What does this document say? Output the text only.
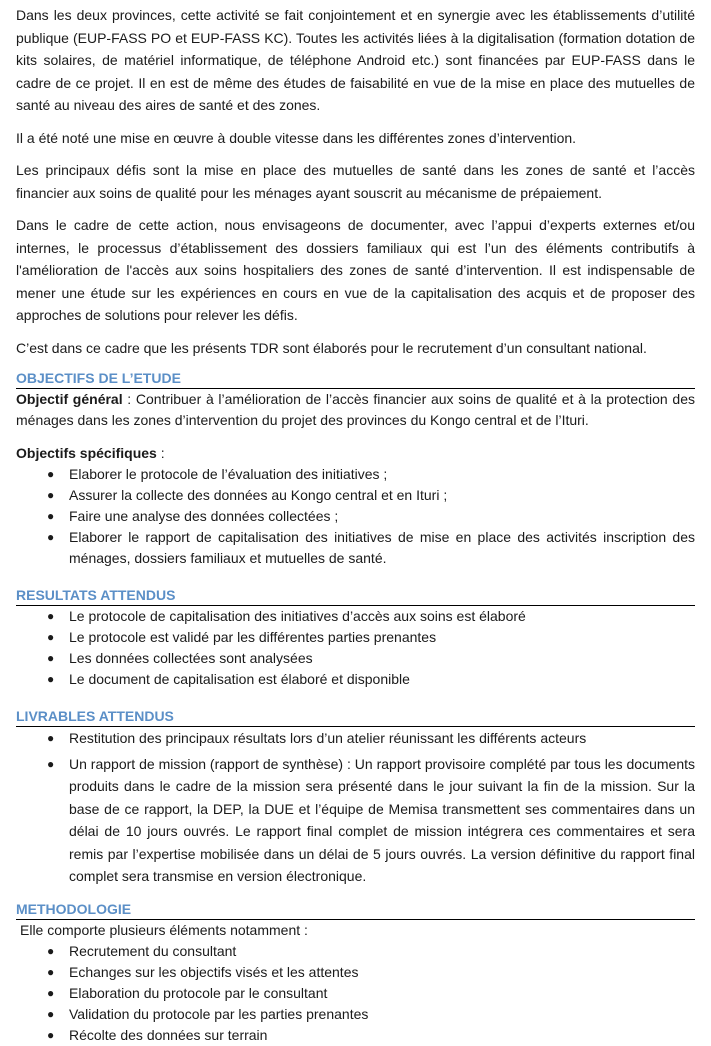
Dans les deux provinces, cette activité se fait conjointement et en synergie avec les établissements d’utilité publique (EUP-FASS PO et EUP-FASS KC). Toutes les activités liées à la digitalisation (formation dotation de kits solaires, de matériel informatique, de téléphone Android etc.) sont financées par EUP-FASS dans le cadre de ce projet. Il en est de même des études de faisabilité en vue de la mise en place des mutuelles de santé au niveau des aires de santé et des zones.

Il a été noté une mise en œuvre à double vitesse dans les différentes zones d’intervention.

Les principaux défis sont la mise en place des mutuelles de santé dans les zones de santé et l’accès financier aux soins de qualité pour les ménages ayant souscrit au mécanisme de prépaiement.

Dans le cadre de cette action, nous envisageons de documenter, avec l’appui d’experts externes et/ou internes, le processus d’établissement des dossiers familiaux qui est l’un des éléments contributifs à l'amélioration de l'accès aux soins hospitaliers des zones de santé d’intervention. Il est indispensable de mener une étude sur les expériences en cours en vue de la capitalisation des acquis et de proposer des approches de solutions pour relever les défis.

C’est dans ce cadre que les présents TDR sont élaborés pour le recrutement d’un consultant national.

OBJECTIFS DE L’ETUDE

Objectif général : Contribuer à l’amélioration de l’accès financier aux soins de qualité et à la protection des ménages dans les zones d’intervention du projet des provinces du Kongo central et de l’Ituri.

Objectifs spécifiques :

● Elaborer le protocole de l’évaluation des initiatives ;
● Assurer la collecte des données au Kongo central et en Ituri ;
● Faire une analyse des données collectées ;
● Elaborer le rapport de capitalisation des initiatives de mise en place des activités inscription des ménages, dossiers familiaux et mutuelles de santé.
RESULTATS ATTENDUS
● Le protocole de capitalisation des initiatives d’accès aux soins est élaboré
● Le protocole est validé par les différentes parties prenantes
● Les données collectées sont analysées
● Le document de capitalisation est élaboré et disponible
LIVRABLES ATTENDUS
● Restitution des principaux résultats lors d’un atelier réunissant les différents acteurs
● Un rapport de mission (rapport de synthèse) : Un rapport provisoire complété par tous les documents produits dans le cadre de la mission sera présenté dans le jour suivant la fin de la mission. Sur la base de ce rapport, la DEP, la DUE et l’équipe de Memisa transmettent ses commentaires dans un délai de 10 jours ouvrés. Le rapport final complet de mission intégrera ces commentaires et sera remis par l’expertise mobilisée dans un délai de 5 jours ouvrés. La version définitive du rapport final complet sera transmise en version électronique.
METHODOLOGIE

Elle comporte plusieurs éléments notamment :

● Recrutement du consultant
● Echanges sur les objectifs visés et les attentes
● Elaboration du protocole par le consultant
● Validation du protocole par les parties prenantes
● Récolte des données sur terrain
